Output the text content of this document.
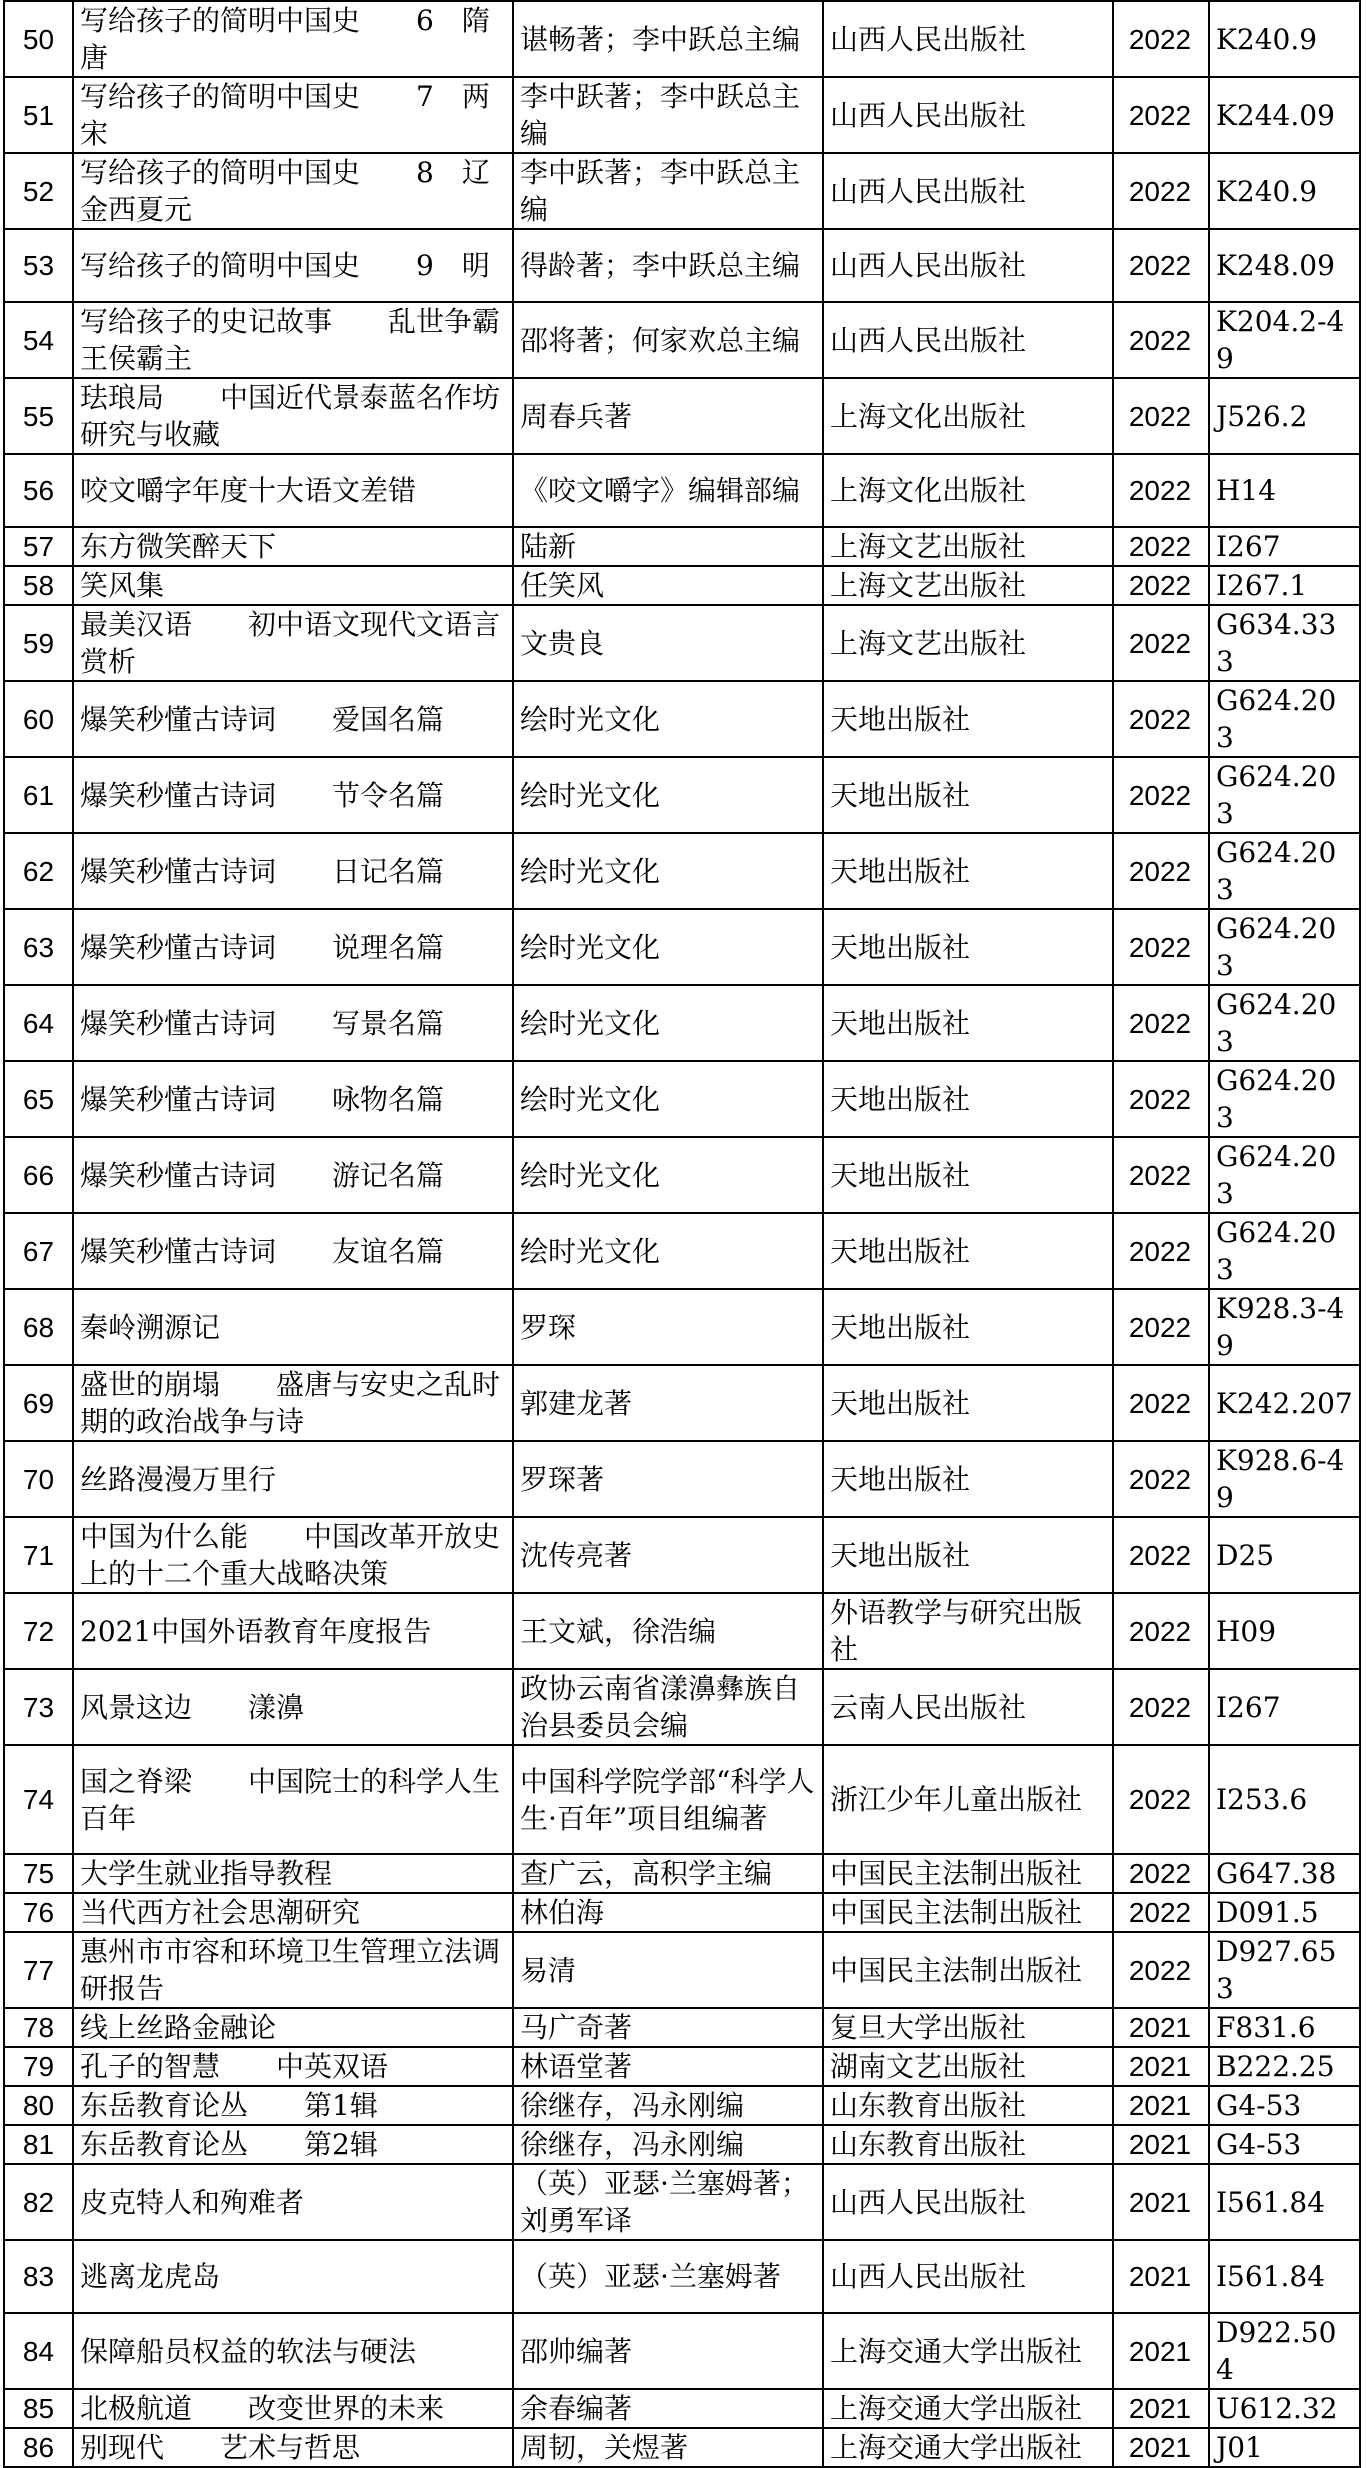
50	写给孩子的简明中国史　　6　隋唐	谌畅著；李中跃总主编	山西人民出版社	2022	K240.9
51	写给孩子的简明中国史　　7　两宋	李中跃著；李中跃总主编	山西人民出版社	2022	K244.09
52	写给孩子的简明中国史　　8　辽金西夏元	李中跃著；李中跃总主编	山西人民出版社	2022	K240.9
53	写给孩子的简明中国史　　9　明	得龄著；李中跃总主编	山西人民出版社	2022	K248.09
54	写给孩子的史记故事　　乱世争霸　　王侯霸主	邵将著；何家欢总主编	山西人民出版社	2022	K204.2-49
55	珐琅局　　中国近代景泰蓝名作坊研究与收藏	周春兵著	上海文化出版社	2022	J526.2
56	咬文嚼字年度十大语文差错	《咬文嚼字》编辑部编	上海文化出版社	2022	H14
57	东方微笑醉天下	陆新	上海文艺出版社	2022	I267
58	笑风集	任笑风	上海文艺出版社	2022	I267.1
59	最美汉语　　初中语文现代文语言赏析	文贵良	上海文艺出版社	2022	G634.333
60	爆笑秒懂古诗词　　爱国名篇	绘时光文化	天地出版社	2022	G624.203
61	爆笑秒懂古诗词　　节令名篇	绘时光文化	天地出版社	2022	G624.203
62	爆笑秒懂古诗词　　日记名篇	绘时光文化	天地出版社	2022	G624.203
63	爆笑秒懂古诗词　　说理名篇	绘时光文化	天地出版社	2022	G624.203
64	爆笑秒懂古诗词　　写景名篇	绘时光文化	天地出版社	2022	G624.203
65	爆笑秒懂古诗词　　咏物名篇	绘时光文化	天地出版社	2022	G624.203
66	爆笑秒懂古诗词　　游记名篇	绘时光文化	天地出版社	2022	G624.203
67	爆笑秒懂古诗词　　友谊名篇	绘时光文化	天地出版社	2022	G624.203
68	秦岭溯源记	罗琛	天地出版社	2022	K928.3-49
69	盛世的崩塌　　盛唐与安史之乱时期的政治战争与诗	郭建龙著	天地出版社	2022	K242.207
70	丝路漫漫万里行	罗琛著	天地出版社	2022	K928.6-49
71	中国为什么能　　中国改革开放史上的十二个重大战略决策	沈传亮著	天地出版社	2022	D25
72	2021中国外语教育年度报告	王文斌，徐浩编	外语教学与研究出版社	2022	H09
73	风景这边　　漾濞	政协云南省漾濞彝族自治县委员会编	云南人民出版社	2022	I267
74	国之脊梁　　中国院士的科学人生百年	中国科学院学部“科学人生·百年”项目组编著	浙江少年儿童出版社	2022	I253.6
75	大学生就业指导教程	查广云，高积学主编	中国民主法制出版社	2022	G647.38
76	当代西方社会思潮研究	林伯海	中国民主法制出版社	2022	D091.5
77	惠州市市容和环境卫生管理立法调研报告	易清	中国民主法制出版社	2022	D927.653
78	线上丝路金融论	马广奇著	复旦大学出版社	2021	F831.6
79	孔子的智慧　　中英双语	林语堂著	湖南文艺出版社	2021	B222.25
80	东岳教育论丛　　第1辑	徐继存，冯永刚编	山东教育出版社	2021	G4-53
81	东岳教育论丛　　第2辑	徐继存，冯永刚编	山东教育出版社	2021	G4-53
82	皮克特人和殉难者	（英）亚瑟·兰塞姆著；刘勇军译	山西人民出版社	2021	I561.84
83	逃离龙虎岛	（英）亚瑟·兰塞姆著	山西人民出版社	2021	I561.84
84	保障船员权益的软法与硬法	邵帅编著	上海交通大学出版社	2021	D922.504
85	北极航道　　改变世界的未来	余春编著	上海交通大学出版社	2021	U612.32
86	别现代　　艺术与哲思	周韧，关煜著	上海交通大学出版社	2021	J01
